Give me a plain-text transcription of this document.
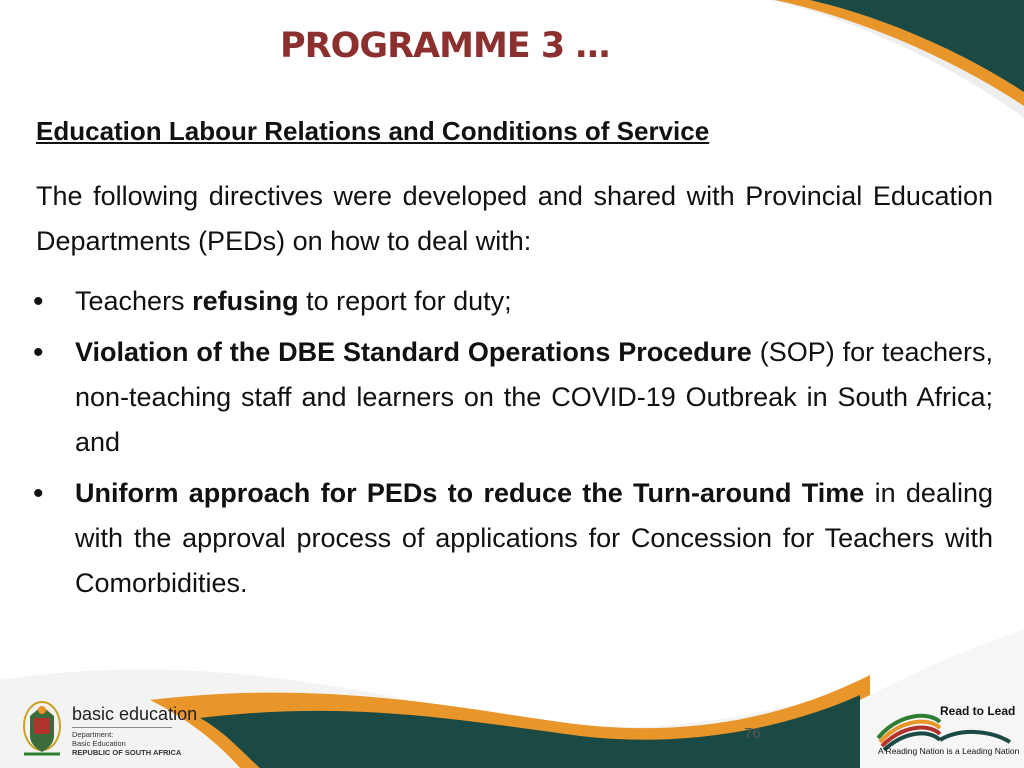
PROGRAMME 3 …
Education Labour Relations and Conditions of Service
The following directives were developed and shared with Provincial Education Departments (PEDs) on how to deal with:
• Teachers refusing to report for duty;
• Violation of the DBE Standard Operations Procedure (SOP) for teachers, non-teaching staff and learners on the COVID-19 Outbreak in South Africa; and
• Uniform approach for PEDs to reduce the Turn-around Time in dealing with the approval process of applications for Concession for Teachers with Comorbidities.
76
basic education
Department:
Basic Education
REPUBLIC OF SOUTH AFRICA
Read to Lead
A Reading Nation is a Leading Nation
